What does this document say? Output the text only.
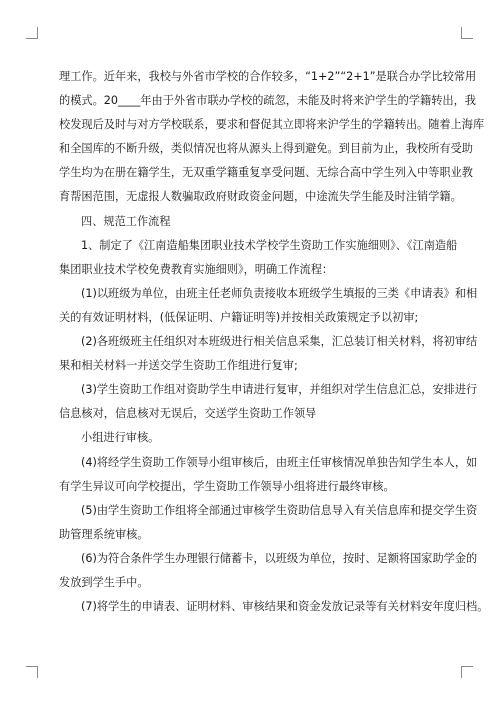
理工作。近年来，我校与外省市学校的合作较多，“1+2”“2+1”是联合办学比较常用

的模式。20____年由于外省市联办学校的疏忽，未能及时将来沪学生的学籍转出，我

校发现后及时与对方学校联系，要求和督促其立即将来沪学生的学籍转出。随着上海库

和全国库的不断升级，类似情况也将从源头上得到避免。到目前为止，我校所有受助

学生均为在册在籍学生，无双重学籍重复享受问题、无综合高中学生列入中等职业教

育帮困范围，无虚报人数骗取政府财政资金问题，中途流失学生能及时注销学籍。

四、规范工作流程

1、制定了《江南造船集团职业技术学校学生资助工作实施细则》、《江南造船

集团职业技术学校免费教育实施细则》，明确工作流程：

(1)以班级为单位，由班主任老师负责接收本班级学生填报的三类《申请表》和相

关的有效证明材料，(低保证明、户籍证明等)并按相关政策规定予以初审;

(2)各班级班主任组织对本班级进行相关信息采集，汇总装订相关材料，将初审结

果和相关材料一并送交学生资助工作组进行复审;

(3)学生资助工作组对资助学生申请进行复审，并组织对学生信息汇总，安排进行

信息核对，信息核对无误后，交送学生资助工作领导

小组进行审核。

(4)将经学生资助工作领导小组审核后，由班主任审核情况单独告知学生本人，如

有学生异议可向学校提出，学生资助工作领导小组将进行最终审核。

(5)由学生资助工作组将全部通过审核学生资助信息导入有关信息库和提交学生资

助管理系统审核。

(6)为符合条件学生办理银行储蓄卡，以班级为单位，按时、足额将国家助学金的

发放到学生手中。

(7)将学生的申请表、证明材料、审核结果和资金发放记录等有关材料安年度归档。
